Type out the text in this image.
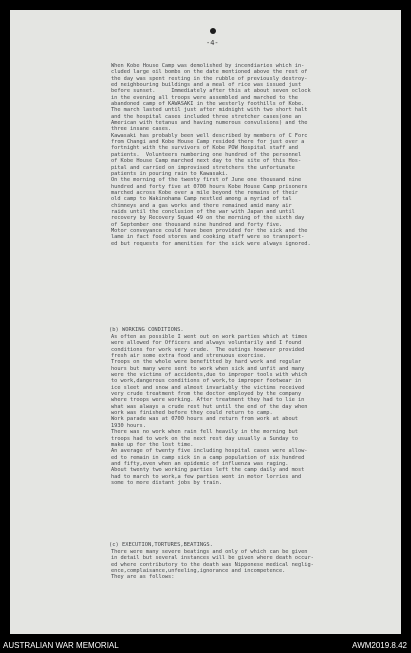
-4-
When Kobe House Camp was demolished by incendiaries which in-
cluded large oil bombs on the date mentioned above the rest of
the day was spent resting in the rubble of previously destroy-
ed neighbouring buildings and a meal of rice was issued just
before sunset.     Immediately after this at about seven oclock
in the evening all troops were assembled and marched to the
abandoned camp of KAWASAKI in the westerly foothills of Kobe.
The march lasted until just after midnight with two short halt
and the hospital cases included three stretcher cases(one an
American with tetanus and having numerous convulsions) and the
three insane cases.
Kawasaki has probably been well described by members of C Forc
from Changi and Kobe House Camp resided there for just over a
fortnight with the survivors of Kobe POW Hospital staff and
patients.  Volunteers numbering one hundred of the personnel
of Kobe House Camp marched next day to the site of this Hos-
pital and carried on improvised stretchers the unfortunate
patients in pouring rain to Kawasaki.
On the morning of the twenty first of June one thousand nine
hundred and forty five at 0700 hours Kobe House Camp prisoners
marched across Kobe over a mile beyond the remains of their
old camp to Wakinohama Camp nestled among a myriad of tal
chimneys and a gas works and there remained amid many air
raids until the conclusion of the war with Japan and until
recovery by Recovery Squad 49 on the morning of the sixth day
of September one thousand nine hundred and forty five.
Motor conveyance could have been provided for the sick and the
lame in fact food stores and cooking staff were so transport-
ed but requests for amenities for the sick were always ignored.
(b) WORKING CONDITIONS.
As often as possible I went out on work parties which at times
were allowed for Officers and always voluntarily and I found
conditions for work very crude.  The outings however provided
fresh air some extra food and strenuous exercise.
Troops on the whole were benefitted by hard work and regular
hours but many were sent to work when sick and unfit and many
were the victims of accidents,due to improper tools with which
to work,dangerous conditions of work,to improper footwear in
ice sleet and snow and almost invariably the victims received
very crude treatment from the doctor employed by the company
where troops were working. After treatment they had to lie in
what was always a crude rest hut until the end of the day when
work was finished before they could return to camp.
Work parade was at 0700 hours and return from work at about
1930 hours.
There was no work when rain fell heavily in the morning but
troops had to work on the next rest day usually a Sunday to
make up for the lost time.
An average of twenty five including hospital cases were allow-
ed to remain in camp sick in a camp population of six hundred
and fifty,even when an epidemic of influenza was raging.
About twenty two working parties left the camp daily and most
had to march to work,a few parties went in motor lorries and
some to more distant jobs by train.
(c) EXECUTION,TORTURES,BEATINGS.
There were many severe beatings and only of which can be given
in detail but several instances will be given where death occur-
ed where contributory to the death was Nipponese medical neglig-
ence,complaisance,unfeeling,ignorance and incompetence.
They are as follows:
AUSTRALIAN WAR MEMORIAL	AWM2019.8.42
